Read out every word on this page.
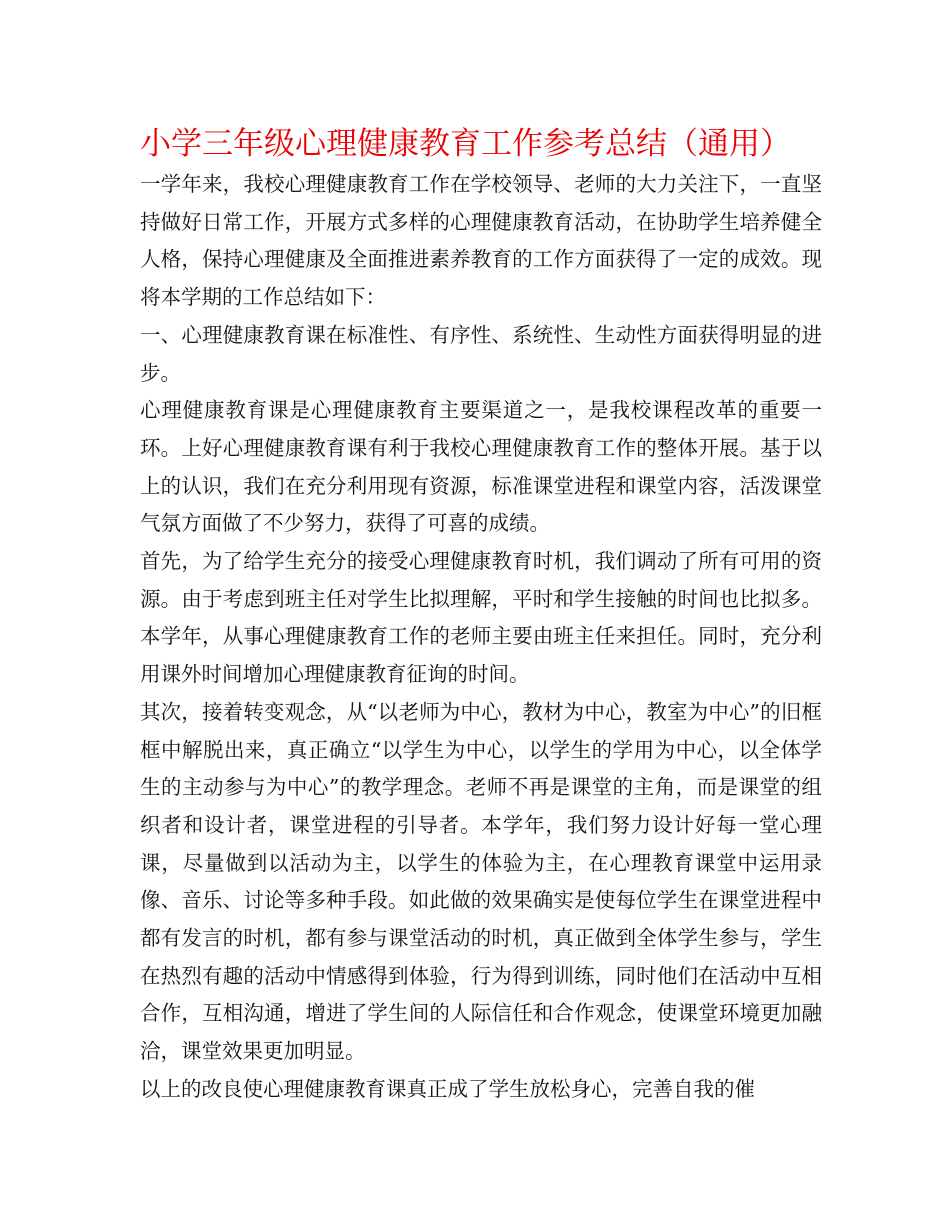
小学三年级心理健康教育工作参考总结（通用）

一学年来，我校心理健康教育工作在学校领导、老师的大力关注下，一直坚持做好日常工作，开展方式多样的心理健康教育活动，在协助学生培养健全人格，保持心理健康及全面推进素养教育的工作方面获得了一定的成效。现将本学期的工作总结如下：

一、心理健康教育课在标准性、有序性、系统性、生动性方面获得明显的进步。

心理健康教育课是心理健康教育主要渠道之一，是我校课程改革的重要一环。上好心理健康教育课有利于我校心理健康教育工作的整体开展。基于以上的认识，我们在充分利用现有资源，标准课堂进程和课堂内容，活泼课堂气氛方面做了不少努力，获得了可喜的成绩。

首先，为了给学生充分的接受心理健康教育时机，我们调动了所有可用的资源。由于考虑到班主任对学生比拟理解，平时和学生接触的时间也比拟多。本学年，从事心理健康教育工作的老师主要由班主任来担任。同时，充分利用课外时间增加心理健康教育征询的时间。

其次，接着转变观念，从“以老师为中心，教材为中心，教室为中心”的旧框框中解脱出来，真正确立“以学生为中心，以学生的学用为中心，以全体学生的主动参与为中心”的教学理念。老师不再是课堂的主角，而是课堂的组织者和设计者，课堂进程的引导者。本学年，我们努力设计好每一堂心理课，尽量做到以活动为主，以学生的体验为主，在心理教育课堂中运用录像、音乐、讨论等多种手段。如此做的效果确实是使每位学生在课堂进程中都有发言的时机，都有参与课堂活动的时机，真正做到全体学生参与，学生在热烈有趣的活动中情感得到体验，行为得到训练，同时他们在活动中互相合作，互相沟通，增进了学生间的人际信任和合作观念，使课堂环境更加融洽，课堂效果更加明显。

以上的改良使心理健康教育课真正成了学生放松身心，完善自我的催
